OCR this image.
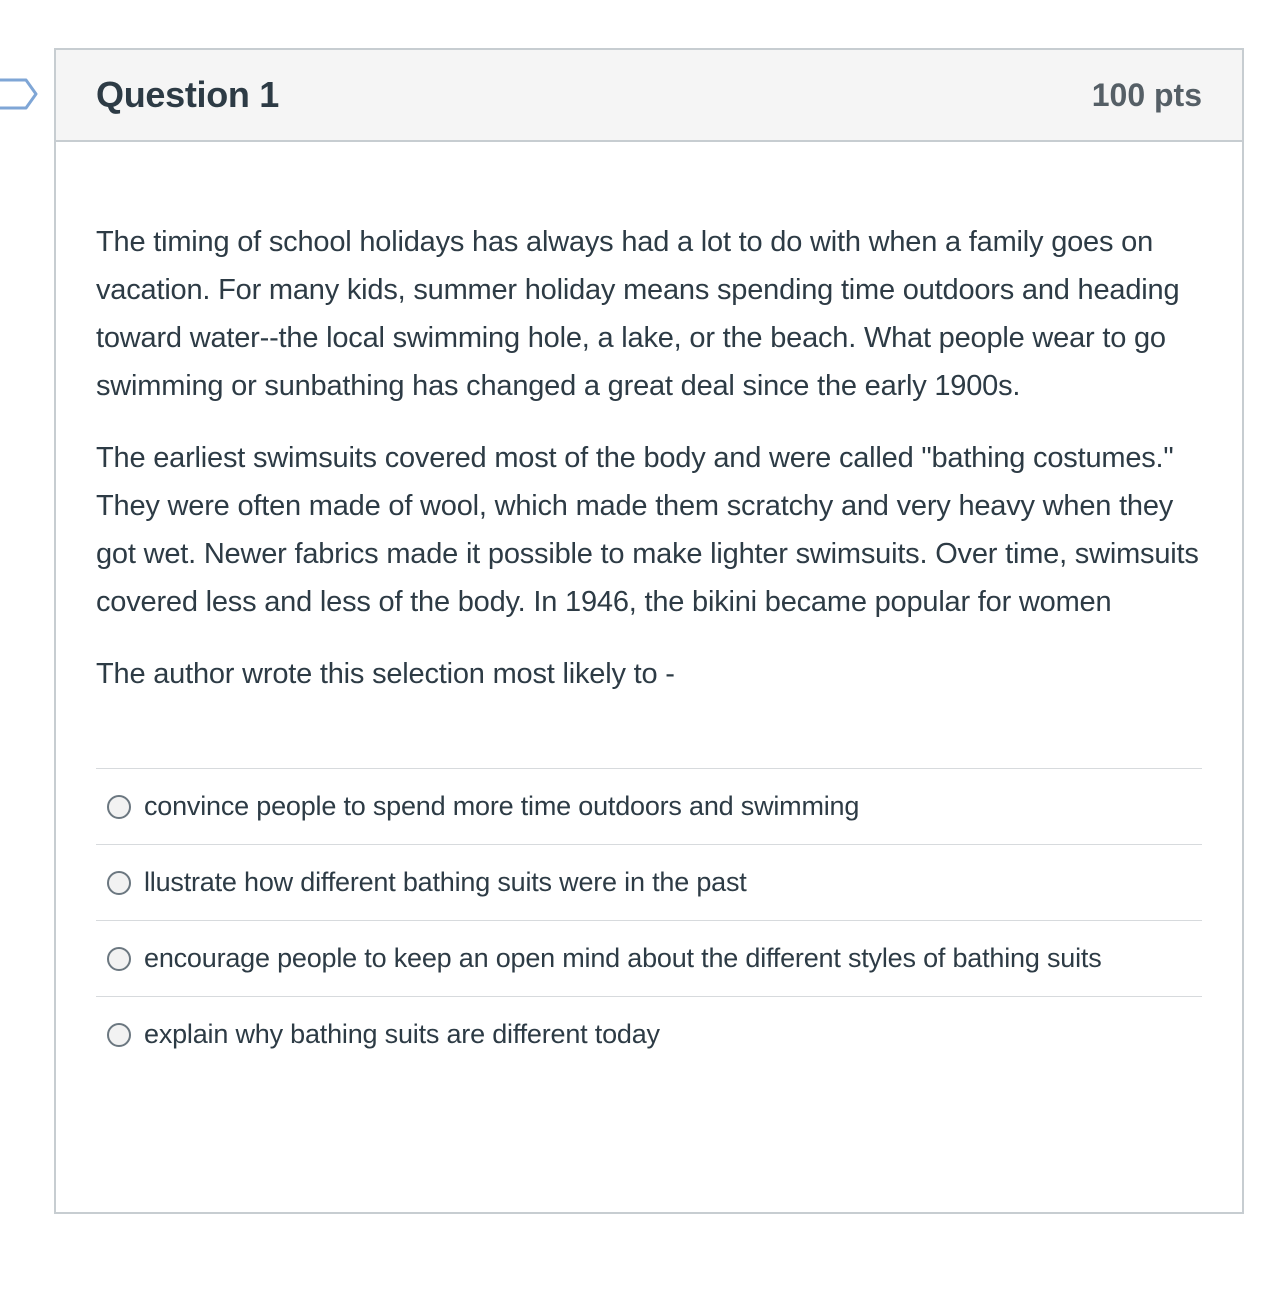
Question 1	100 pts

The timing of school holidays has always had a lot to do with when a family goes on vacation. For many kids, summer holiday means spending time outdoors and heading toward water--the local swimming hole, a lake, or the beach. What people wear to go swimming or sunbathing has changed a great deal since the early 1900s.

The earliest swimsuits covered most of the body and were called "bathing costumes." They were often made of wool, which made them scratchy and very heavy when they got wet. Newer fabrics made it possible to make lighter swimsuits. Over time, swimsuits covered less and less of the body. In 1946, the bikini became popular for women

The author wrote this selection most likely to -

convince people to spend more time outdoors and swimming
llustrate how different bathing suits were in the past
encourage people to keep an open mind about the different styles of bathing suits
explain why bathing suits are different today
